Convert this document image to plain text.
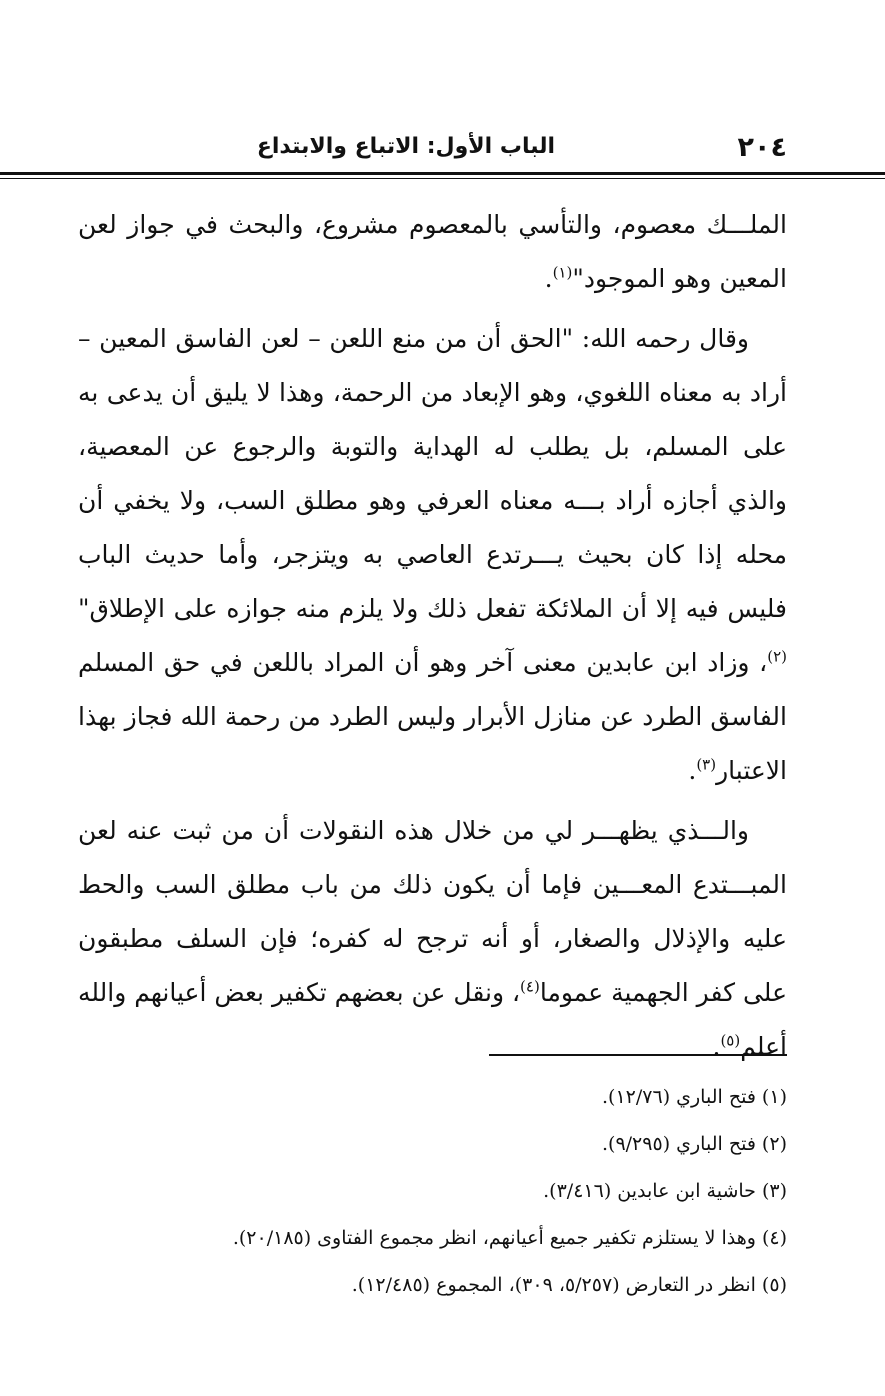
٢٠٤
الباب الأول: الاتباع والابتداع

الملـــك معصوم، والتأسي بالمعصوم مشروع، والبحث في جواز لعن المعين وهو الموجود"$^{(١)}$.

وقال رحمه الله: "الحق أن من منع اللعن – لعن الفاسق المعين – أراد به معناه اللغوي، وهو الإبعاد من الرحمة، وهذا لا يليق أن يدعى به على المسلم، بل يطلب له الهداية والتوبة والرجوع عن المعصية، والذي أجازه أراد بـــه معناه العرفي وهو مطلق السب، ولا يخفي أن محله إذا كان بحيث يـــرتدع العاصي به ويتزجر، وأما حديث الباب فليس فيه إلا أن الملائكة تفعل ذلك ولا يلزم منه جوازه على الإطلاق"$^{(٢)}$، وزاد ابن عابدين معنى آخر وهو أن المراد باللعن في حق المسلم الفاسق الطرد عن منازل الأبرار وليس الطرد من رحمة الله فجاز بهذا الاعتبار$^{(٣)}$.

والـــذي يظهـــر لي من خلال هذه النقولات أن من ثبت عنه لعن المبـــتدع المعـــين فإما أن يكون ذلك من باب مطلق السب والحط عليه والإذلال والصغار، أو أنه ترجح له كفره؛ فإن السلف مطبقون على كفر الجهمية عموما$^{(٤)}$، ونقل عن بعضهم تكفير بعض أعيانهم والله أعلم$^{(٥)}$.

(١) فتح الباري (١٢/٧٦).

(٢) فتح الباري (٩/٢٩٥).

(٣) حاشية ابن عابدين (٣/٤١٦).

(٤) وهذا لا يستلزم تكفير جميع أعيانهم، انظر مجموع الفتاوى (٢٠/١٨٥).

(٥) انظر در التعارض (٥/٢٥٧، ٣٠٩)، المجموع (١٢/٤٨٥).
